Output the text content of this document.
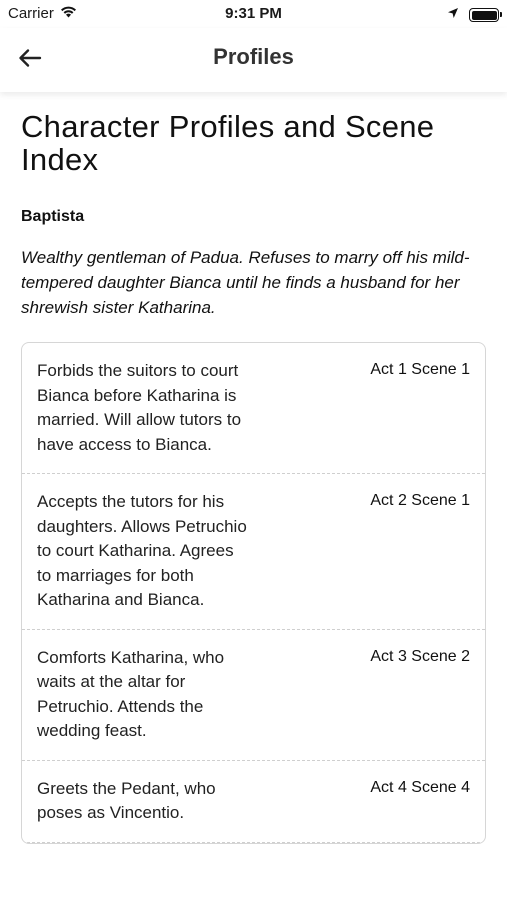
Carrier	9:31 PM
Profiles
Character Profiles and Scene Index
Baptista

Wealthy gentleman of Padua. Refuses to marry off his mild-tempered daughter Bianca until he finds a husband for her shrewish sister Katharina.

Forbids the suitors to court Bianca before Katharina is married. Will allow tutors to have access to Bianca.
Act 1 Scene 1
Accepts the tutors for his daughters. Allows Petruchio to court Katharina. Agrees to marriages for both Katharina and Bianca.
Act 2 Scene 1
Comforts Katharina, who waits at the altar for Petruchio. Attends the wedding feast.
Act 3 Scene 2
Greets the Pedant, who poses as Vincentio.
Act 4 Scene 4
